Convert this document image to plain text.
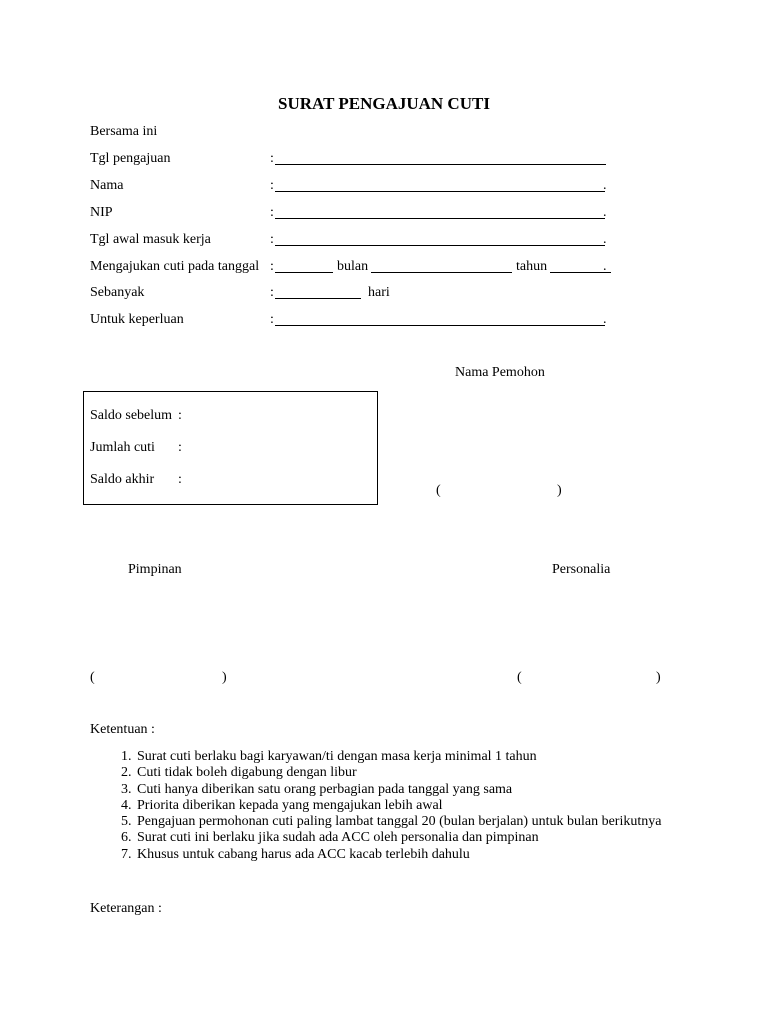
SURAT PENGAJUAN CUTI
Bersama ini
Tgl pengajuan	:
Nama	:	.
NIP	:	.
Tgl awal masuk kerja	:	.
Mengajukan cuti pada tanggal :	bulan	tahun	.
Sebanyak	:	hari
Untuk keperluan	:	.
Nama Pemohon
Saldo sebelum :
Jumlah cuti :
Saldo akhir :
(	)
Pimpinan	Personalia
(	)	(	)
Ketentuan :
1. Surat cuti berlaku bagi karyawan/ti dengan masa kerja minimal 1 tahun
2. Cuti tidak boleh digabung dengan libur
3. Cuti hanya diberikan satu orang perbagian pada tanggal yang sama
4. Priorita diberikan kepada yang mengajukan lebih awal
5. Pengajuan permohonan cuti paling lambat tanggal 20 (bulan berjalan) untuk bulan berikutnya
6. Surat cuti ini berlaku jika sudah ada ACC oleh personalia dan pimpinan
7. Khusus untuk cabang harus ada ACC kacab terlebih dahulu
Keterangan :
